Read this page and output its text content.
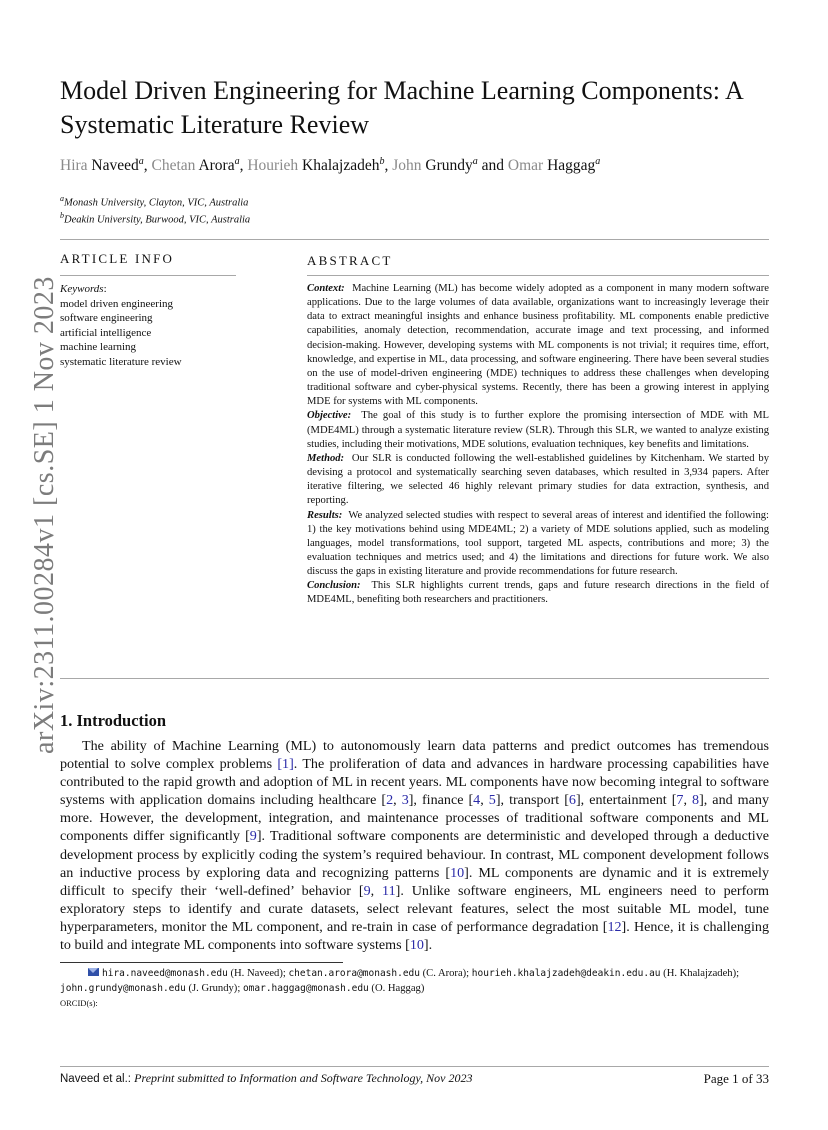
Model Driven Engineering for Machine Learning Components: A Systematic Literature Review
Hira Naveed$^a$, Chetan Arora$^a$, Hourieh Khalajzadeh$^b$, John Grundy$^a$ and Omar Haggag$^a$
$^a$Monash University, Clayton, VIC, Australia
$^b$Deakin University, Burwood, VIC, Australia
arXiv:2311.00284v1 [cs.SE] 1 Nov 2023
ARTICLE INFO
Keywords:
model driven engineering
software engineering
artificial intelligence
machine learning
systematic literature review
ABSTRACT

Context:  Machine Learning (ML) has become widely adopted as a component in many modern software applications. Due to the large volumes of data available, organizations want to increasingly leverage their data to extract meaningful insights and enhance business profitability. ML components enable predictive capabilities, anomaly detection, recommendation, accurate image and text processing, and informed decision-making. However, developing systems with ML components is not trivial; it requires time, effort, knowledge, and expertise in ML, data processing, and software engineering. There have been several studies on the use of model-driven engineering (MDE) techniques to address these challenges when developing traditional software and cyber-physical systems. Recently, there has been a growing interest in applying MDE for systems with ML components.

Objective:  The goal of this study is to further explore the promising intersection of MDE with ML (MDE4ML) through a systematic literature review (SLR). Through this SLR, we wanted to analyze existing studies, including their motivations, MDE solutions, evaluation techniques, key benefits and limitations.

Method:  Our SLR is conducted following the well-established guidelines by Kitchenham. We started by devising a protocol and systematically searching seven databases, which resulted in 3,934 papers. After iterative filtering, we selected 46 highly relevant primary studies for data extraction, synthesis, and reporting.

Results:  We analyzed selected studies with respect to several areas of interest and identified the following: 1) the key motivations behind using MDE4ML; 2) a variety of MDE solutions applied, such as modeling languages, model transformations, tool support, targeted ML aspects, contributions and more; 3) the evaluation techniques and metrics used; and 4) the limitations and directions for future work. We also discuss the gaps in existing literature and provide recommendations for future research.

Conclusion:  This SLR highlights current trends, gaps and future research directions in the field of MDE4ML, benefiting both researchers and practitioners.

1. Introduction

The ability of Machine Learning (ML) to autonomously learn data patterns and predict outcomes has tremendous potential to solve complex problems [1]. The proliferation of data and advances in hardware processing capabilities have contributed to the rapid growth and adoption of ML in recent years. ML components have now becoming integral to software systems with application domains including healthcare [2, 3], finance [4, 5], transport [6], entertainment [7, 8], and many more. However, the development, integration, and maintenance processes of traditional software components and ML components differ significantly [9]. Traditional software components are deterministic and developed through a deductive development process by explicitly coding the system’s required behaviour. In contrast, ML component development follows an inductive process by exploring data and recognizing patterns [10]. ML components are dynamic and it is extremely difficult to specify their ‘well-defined’ behavior [9, 11]. Unlike software engineers, ML engineers need to perform exploratory steps to identify and curate datasets, select relevant features, select the most suitable ML model, tune hyperparameters, monitor the ML component, and re-train in case of performance degradation [12]. Hence, it is challenging to build and integrate ML components into software systems [10].

hira.naveed@monash.edu (H. Naveed); chetan.arora@monash.edu (C. Arora); hourieh.khalajzadeh@deakin.edu.au (H. Khalajzadeh); john.grundy@monash.edu (J. Grundy); omar.haggag@monash.edu (O. Haggag)

ORCID(s):

Naveed et al.: Preprint submitted to Information and Software Technology, Nov 2023	Page 1 of 33
